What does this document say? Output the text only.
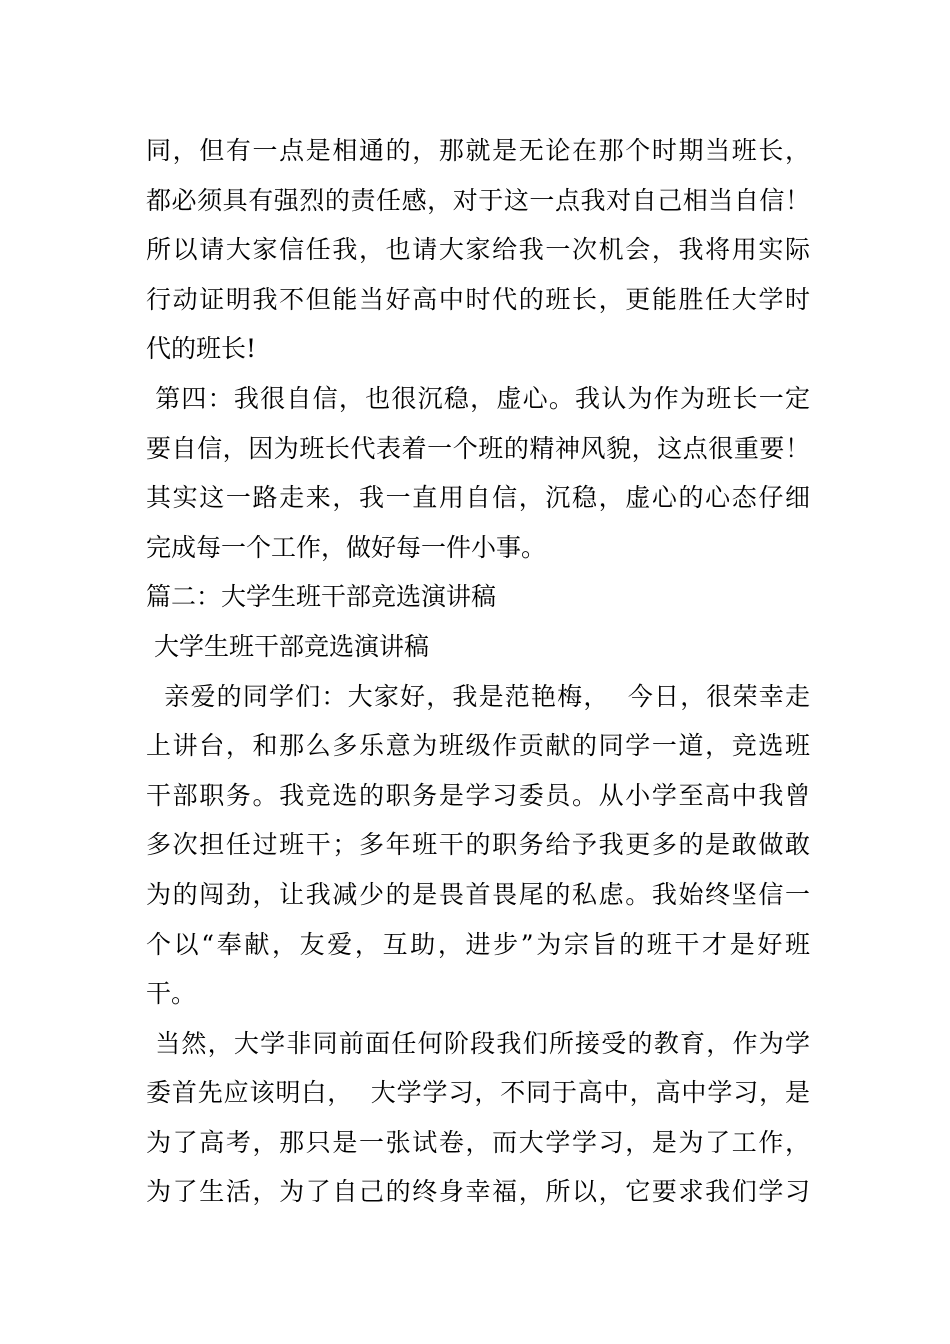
同，但有一点是相通的，那就是无论在那个时期当班长，
都必须具有强烈的责任感，对于这一点我对自己相当自信！
所以请大家信任我，也请大家给我一次机会，我将用实际
行动证明我不但能当好高中时代的班长，更能胜任大学时
代的班长!
第四：我很自信，也很沉稳，虚心。我认为作为班长一定
要自信，因为班长代表着一个班的精神风貌，这点很重要！
其实这一路走来，我一直用自信，沉稳，虚心的心态仔细
完成每一个工作，做好每一件小事。
篇二：大学生班干部竞选演讲稿
大学生班干部竞选演讲稿
亲爱的同学们：大家好，我是范艳梅，  今日，很荣幸走
上讲台，和那么多乐意为班级作贡献的同学一道，竞选班
干部职务。我竞选的职务是学习委员。从小学至高中我曾
多次担任过班干；多年班干的职务给予我更多的是敢做敢
为的闯劲，让我减少的是畏首畏尾的私虑。我始终坚信一
个以“奉献，友爱，互助，进步”为宗旨的班干才是好班
干。
当然，大学非同前面任何阶段我们所接受的教育，作为学
委首先应该明白，  大学学习，不同于高中，高中学习，是
为了高考，那只是一张试卷，而大学学习，是为了工作，
为了生活，为了自己的终身幸福，所以，它要求我们学习
